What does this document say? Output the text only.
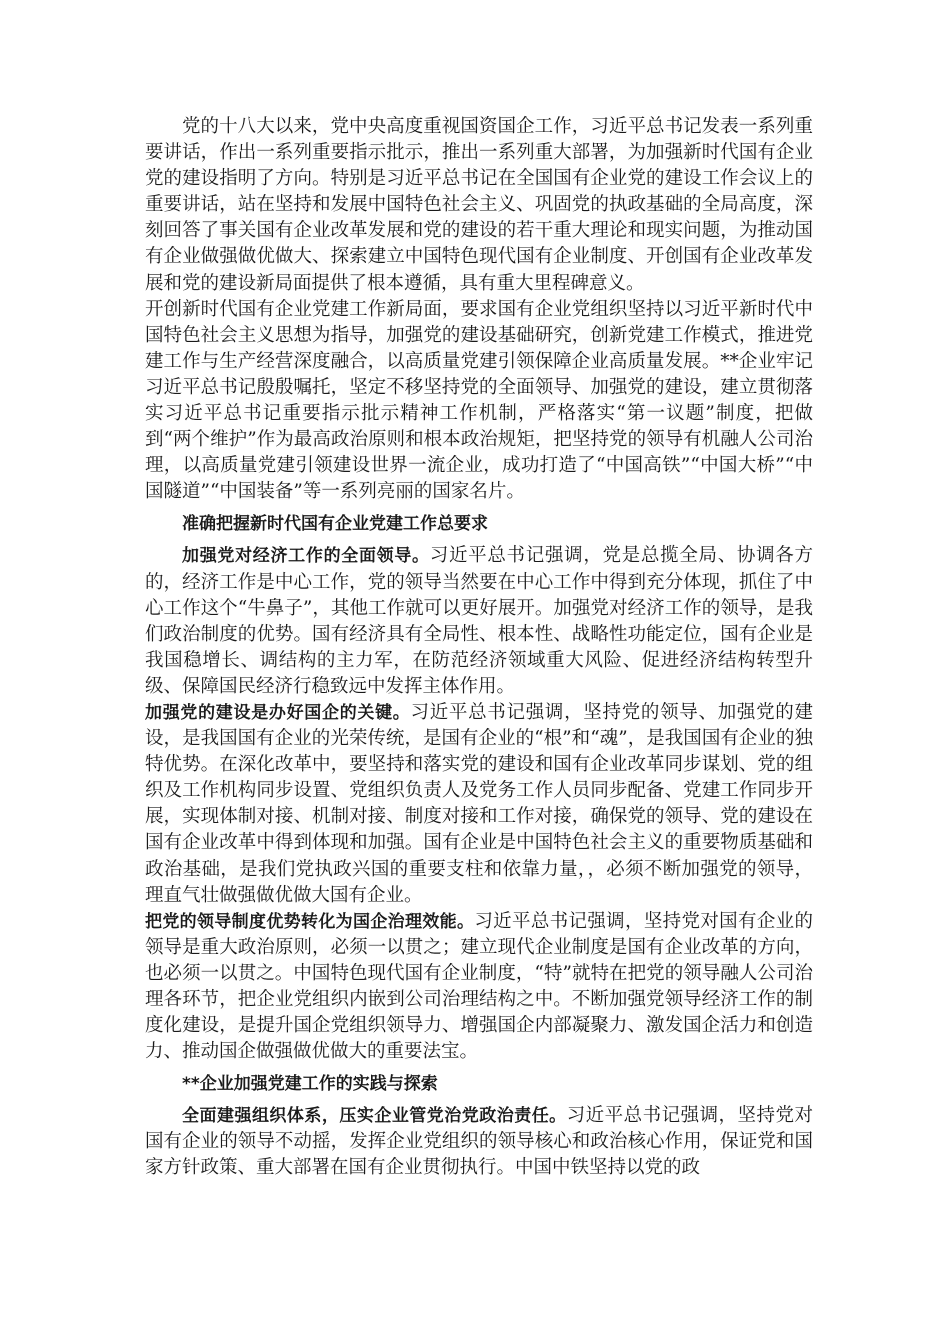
党的十八大以来，党中央高度重视国资国企工作，习近平总书记发表一系列重要讲话，作出一系列重要指示批示，推出一系列重大部署，为加强新时代国有企业党的建设指明了方向。特别是习近平总书记在全国国有企业党的建设工作会议上的重要讲话，站在坚持和发展中国特色社会主义、巩固党的执政基础的全局高度，深刻回答了事关国有企业改革发展和党的建设的若干重大理论和现实问题，为推动国有企业做强做优做大、探索建立中国特色现代国有企业制度、开创国有企业改革发展和党的建设新局面提供了根本遵循，具有重大里程碑意义。

开创新时代国有企业党建工作新局面，要求国有企业党组织坚持以习近平新时代中国特色社会主义思想为指导，加强党的建设基础研究，创新党建工作模式，推进党建工作与生产经营深度融合，以高质量党建引领保障企业高质量发展。**企业牢记习近平总书记殷殷嘱托，坚定不移坚持党的全面领导、加强党的建设，建立贯彻落实习近平总书记重要指示批示精神工作机制，严格落实“第一议题”制度，把做到“两个维护”作为最高政治原则和根本政治规矩，把坚持党的领导有机融人公司治理，以高质量党建引领建设世界一流企业，成功打造了“中国高铁”“中国大桥”“中国隧道”“中国装备”等一系列亮丽的国家名片。

准确把握新时代国有企业党建工作总要求

加强党对经济工作的全面领导。习近平总书记强调，党是总揽全局、协调各方的，经济工作是中心工作，党的领导当然要在中心工作中得到充分体现，抓住了中心工作这个“牛鼻子”，其他工作就可以更好展开。加强党对经济工作的领导，是我们政治制度的优势。国有经济具有全局性、根本性、战略性功能定位，国有企业是我国稳增长、调结构的主力军，在防范经济领域重大风险、促进经济结构转型升级、保障国民经济行稳致远中发挥主体作用。

加强党的建设是办好国企的关键。习近平总书记强调，坚持党的领导、加强党的建设，是我国国有企业的光荣传统，是国有企业的“根”和“魂”，是我国国有企业的独特优势。在深化改革中，要坚持和落实党的建设和国有企业改革同步谋划、党的组织及工作机构同步设置、党组织负责人及党务工作人员同步配备、党建工作同步开展，实现体制对接、机制对接、制度对接和工作对接，确保党的领导、党的建设在国有企业改革中得到体现和加强。国有企业是中国特色社会主义的重要物质基础和政治基础，是我们党执政兴国的重要支柱和依靠力量，，必须不断加强党的领导，理直气壮做强做优做大国有企业。

把党的领导制度优势转化为国企治理效能。习近平总书记强调，坚持党对国有企业的领导是重大政治原则，必须一以贯之；建立现代企业制度是国有企业改革的方向，也必须一以贯之。中国特色现代国有企业制度，“特”就特在把党的领导融人公司治理各环节，把企业党组织内嵌到公司治理结构之中。不断加强党领导经济工作的制度化建设，是提升国企党组织领导力、增强国企内部凝聚力、激发国企活力和创造力、推动国企做强做优做大的重要法宝。

**企业加强党建工作的实践与探索

全面建强组织体系，压实企业管党治党政治责任。习近平总书记强调，坚持党对国有企业的领导不动摇，发挥企业党组织的领导核心和政治核心作用，保证党和国家方针政策、重大部署在国有企业贯彻执行。中国中铁坚持以党的政
